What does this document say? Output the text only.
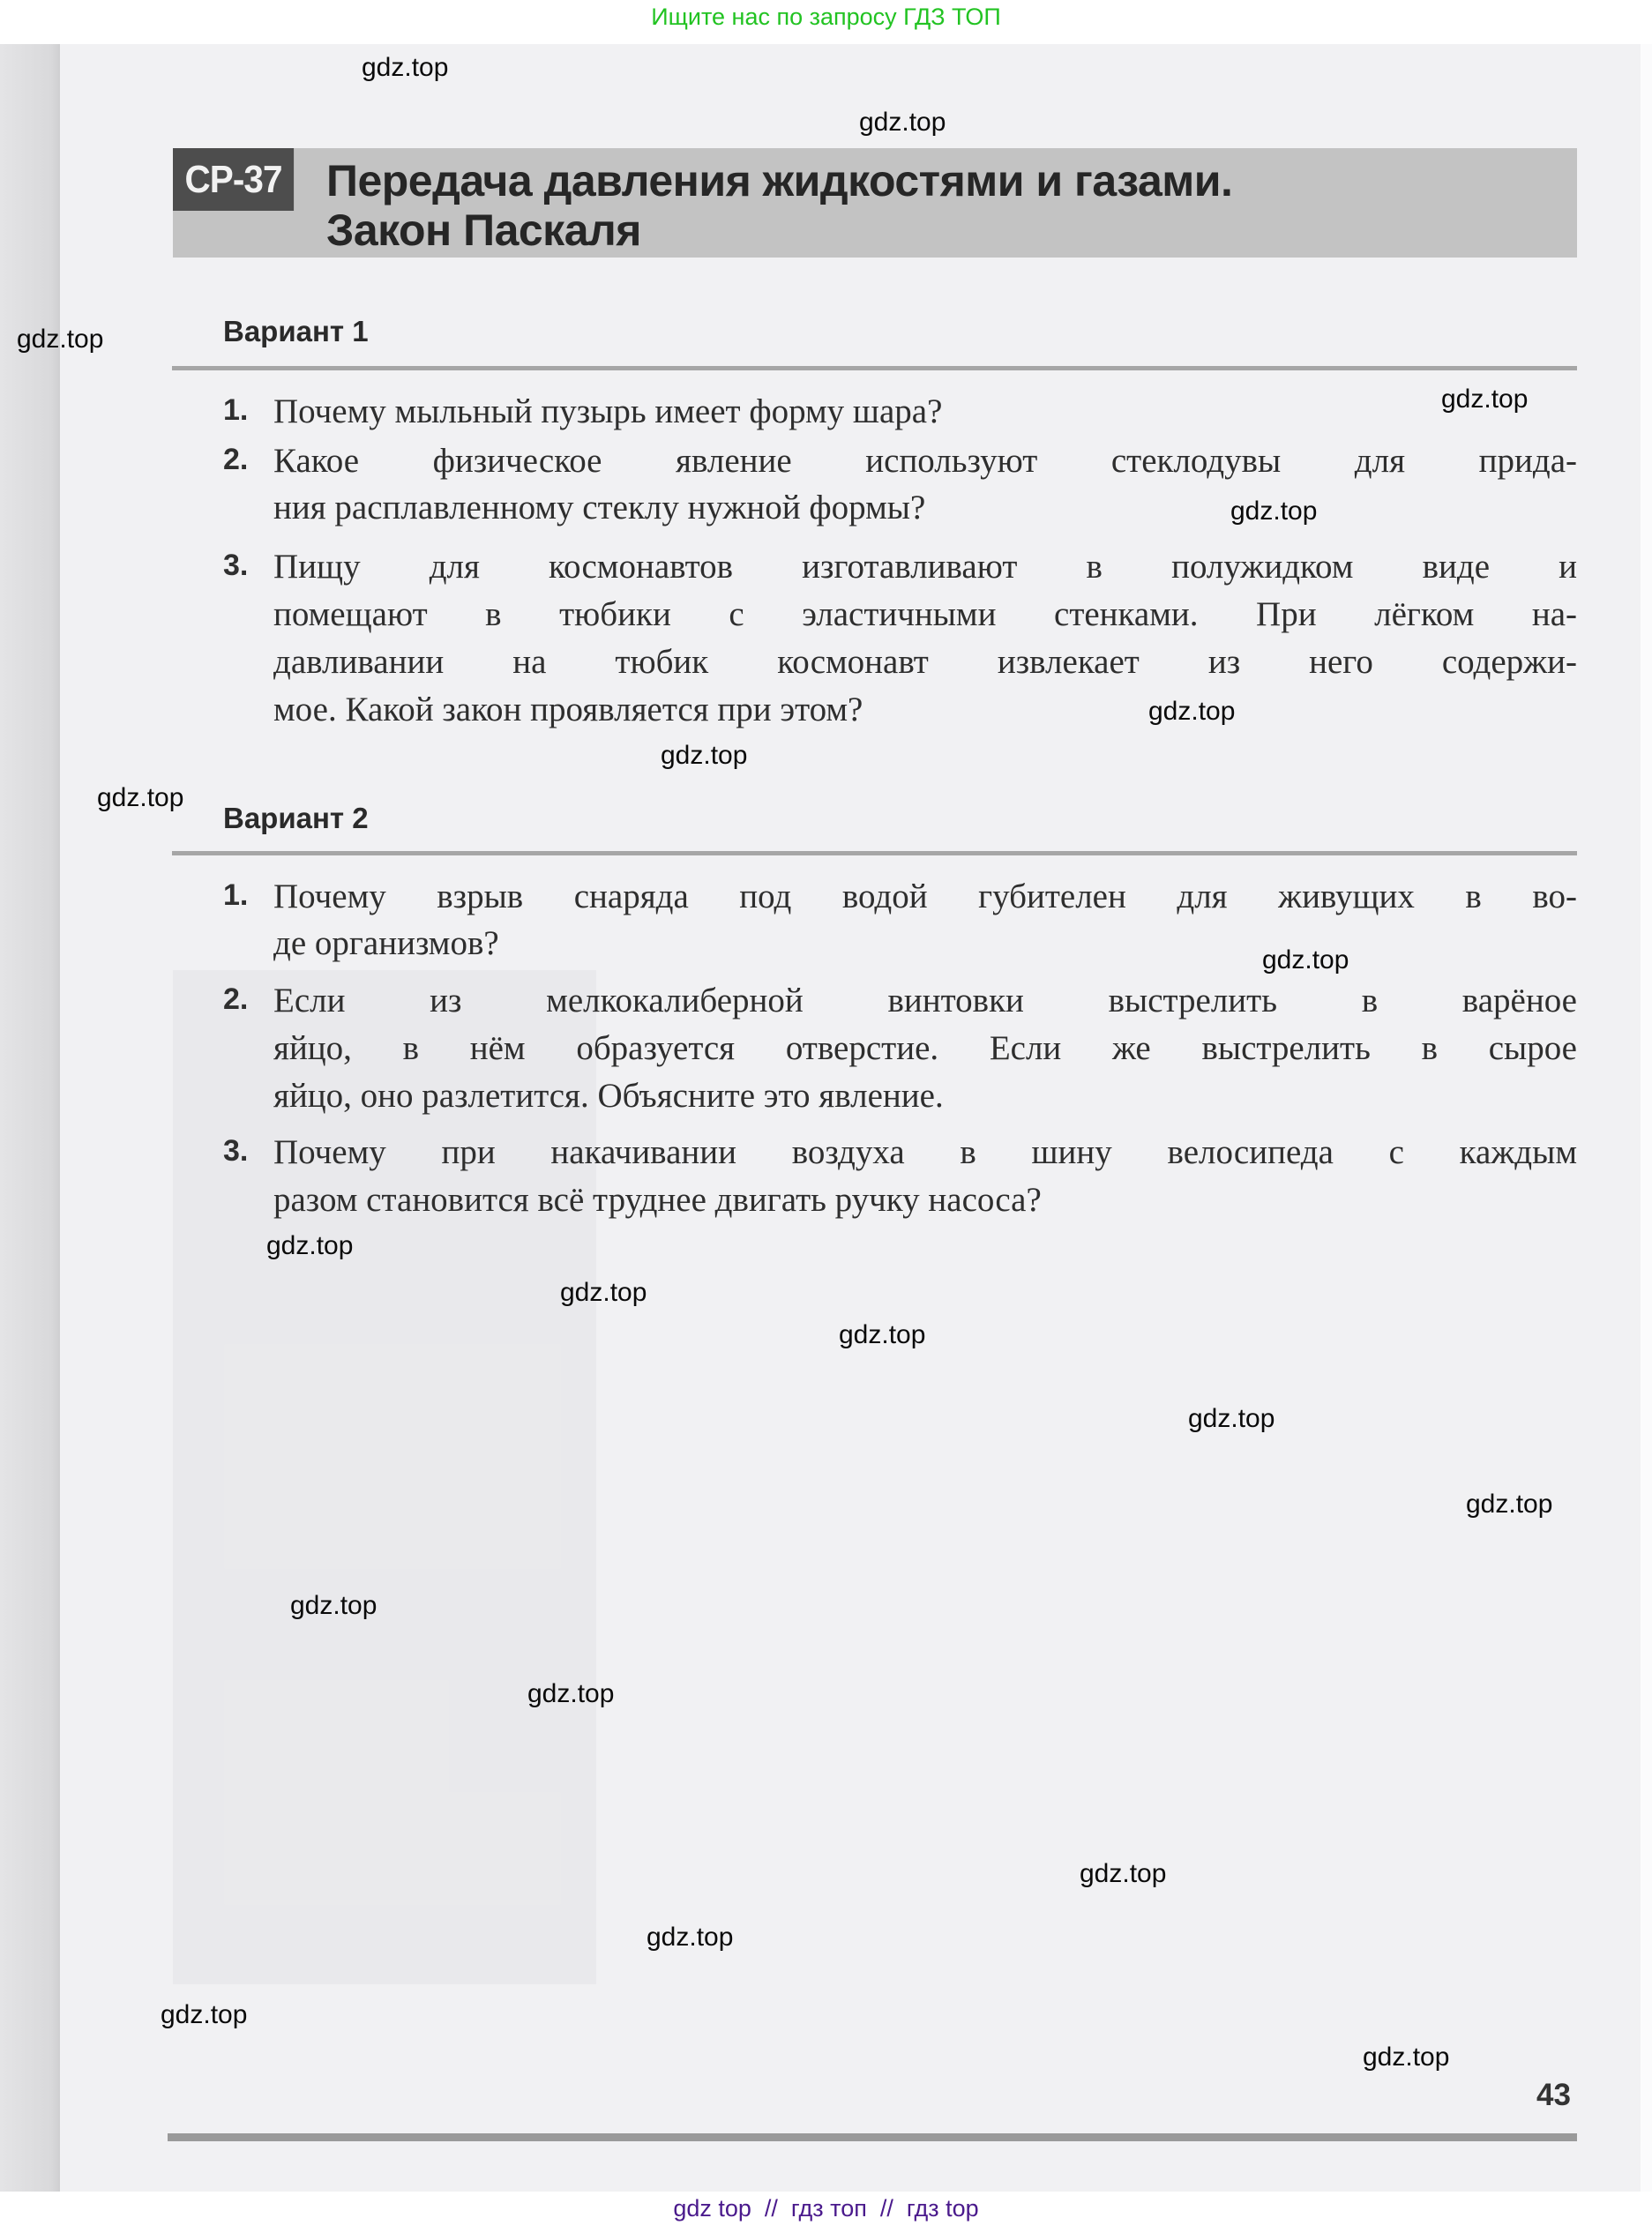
Ищите нас по запросу ГДЗ ТОП
СР-37 Передача давления жидкостями и газами.
Закон Паскаля
Вариант 1
1. Почему мыльный пузырь имеет форму шара?
2. Какое физическое явление используют стеклодувы для прида-
ния расплавленному стеклу нужной формы?
3. Пищу для космонавтов изготавливают в полужидком виде и
помещают в тюбики с эластичными стенками. При лёгком на-
давливании на тюбик космонавт извлекает из него содержи-
мое. Какой закон проявляется при этом?
Вариант 2
1. Почему взрыв снаряда под водой губителен для живущих в во-
де организмов?
2. Если из мелкокалиберной винтовки выстрелить в варёное
яйцо, в нём образуется отверстие. Если же выстрелить в сырое
яйцо, оно разлетится. Объясните это явление.
3. Почему при накачивании воздуха в шину велосипеда с каждым
разом становится всё труднее двигать ручку насоса?
gdz.top
gdz.top
gdz.top
gdz.top
gdz.top
gdz.top
gdz.top
gdz.top
gdz.top
gdz.top
gdz.top
gdz.top
gdz.top
gdz.top
gdz.top
gdz.top
gdz.top
gdz.top
gdz.top
gdz.top
43
gdz top  //  гдз топ  //  гдз top
